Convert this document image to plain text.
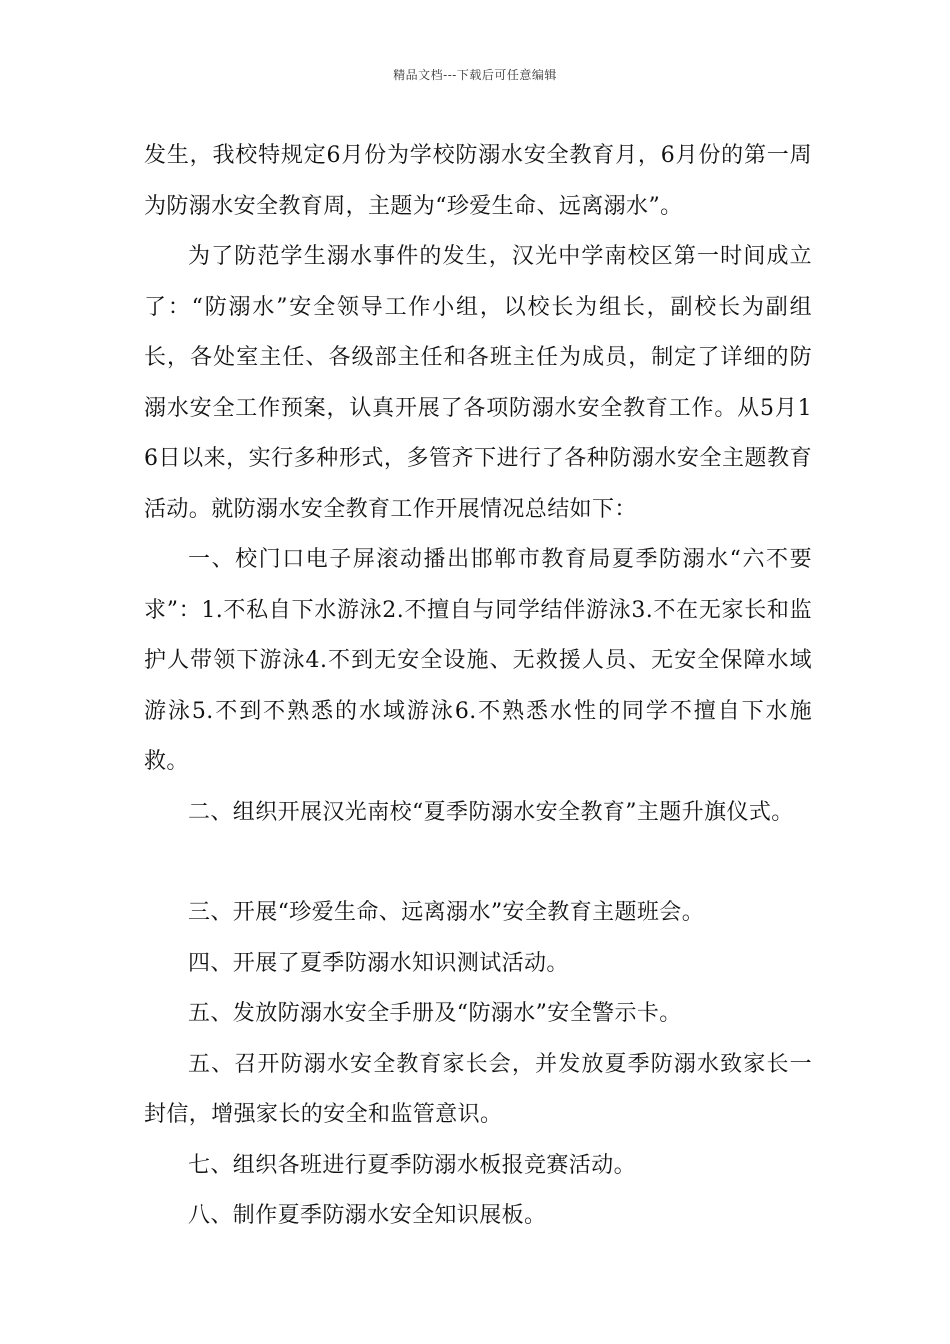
精品文档---下载后可任意编辑

发生，我校特规定6月份为学校防溺水安全教育月，6月份的第一周为防溺水安全教育周，主题为“珍爱生命、远离溺水”。

为了防范学生溺水事件的发生，汉光中学南校区第一时间成立了：“防溺水”安全领导工作小组，以校长为组长，副校长为副组长，各处室主任、各级部主任和各班主任为成员，制定了详细的防溺水安全工作预案，认真开展了各项防溺水安全教育工作。从5月16日以来，实行多种形式，多管齐下进行了各种防溺水安全主题教育活动。就防溺水安全教育工作开展情况总结如下：

一、校门口电子屏滚动播出邯郸市教育局夏季防溺水“六不要求”：1.不私自下水游泳2.不擅自与同学结伴游泳3.不在无家长和监护人带领下游泳4.不到无安全设施、无救援人员、无安全保障水域游泳5.不到不熟悉的水域游泳6.不熟悉水性的同学不擅自下水施救。

二、组织开展汉光南校“夏季防溺水安全教育”主题升旗仪式。

三、开展“珍爱生命、远离溺水”安全教育主题班会。

四、开展了夏季防溺水知识测试活动。

五、发放防溺水安全手册及“防溺水”安全警示卡。

五、召开防溺水安全教育家长会，并发放夏季防溺水致家长一封信，增强家长的安全和监管意识。

七、组织各班进行夏季防溺水板报竞赛活动。

八、制作夏季防溺水安全知识展板。
